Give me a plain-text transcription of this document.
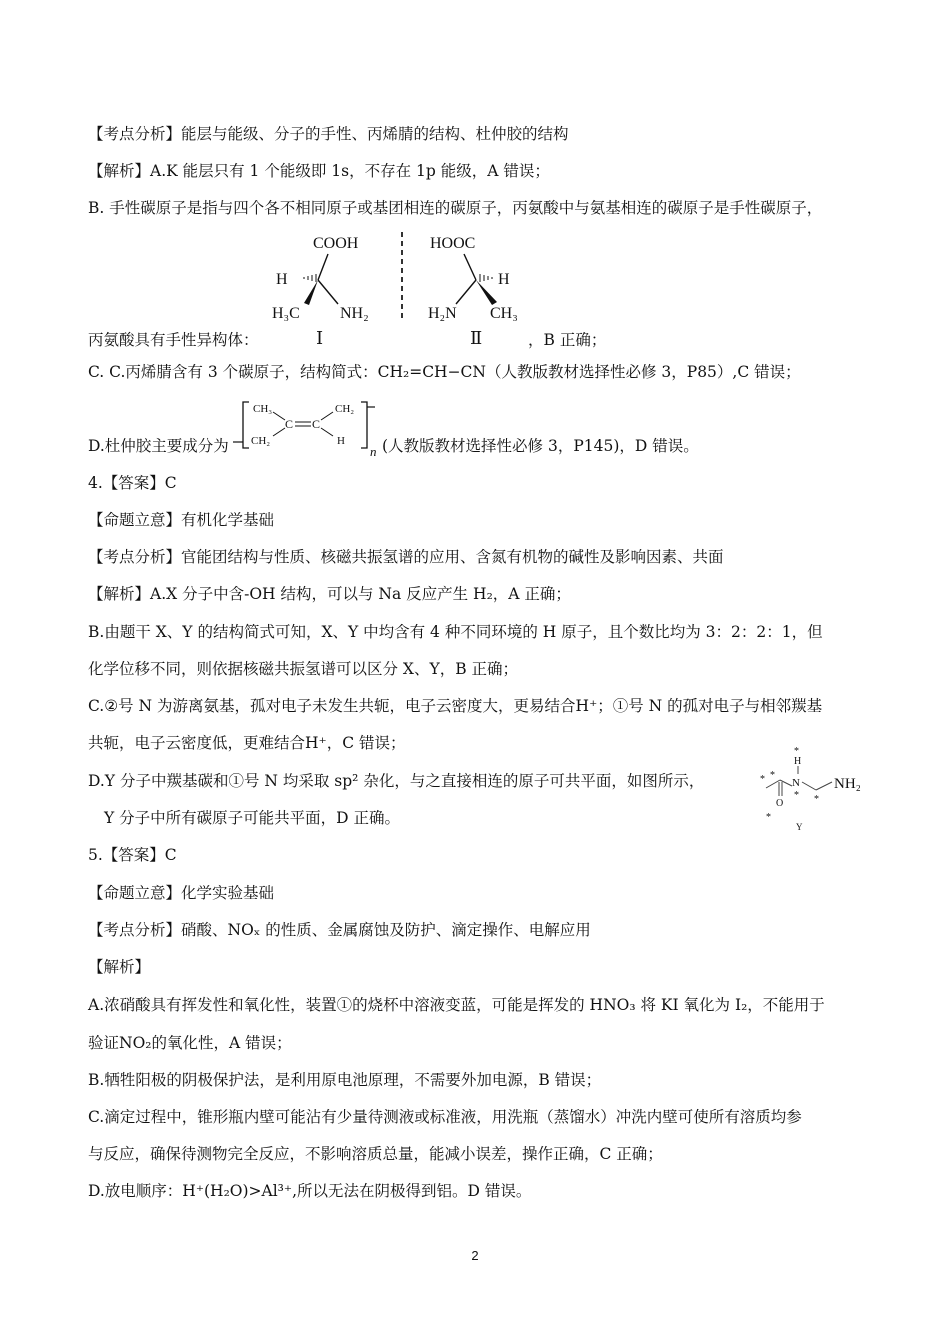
【考点分析】能层与能级、分子的手性、丙烯腈的结构、杜仲胶的结构
【解析】A.K 能层只有 1 个能级即 1s，不存在 1p 能级，A 错误；
B. 手性碳原子是指与四个各不相同原子或基团相连的碳原子，丙氨酸中与氨基相连的碳原子是手性碳原子，
COOH
H
H₃C	NH₂
Ⅰ
HOOC
H
H₂N CH₃
Ⅱ
丙氨酸具有手性异构体：	，B 正确；
C. C.丙烯腈含有 3 个碳原子，结构简式：CH₂=CH−CN（人教版教材选择性必修 3，P85）,C 错误；
D.杜仲胶主要成分为
CH₃
CH₂
C C
CH₂
H
n (人教版教材选择性必修 3，P145)，D 错误。
4.【答案】C
【命题立意】有机化学基础
【考点分析】官能团结构与性质、核磁共振氢谱的应用、含氮有机物的碱性及影响因素、共面
【解析】A.X 分子中含-OH 结构，可以与 Na 反应产生 H₂，A 正确；
B.由题干 X、Y 的结构简式可知，X、Y 中均含有 4 种不同环境的 H 原子，且个数比均为 3：2：2：1，但
化学位移不同，则依据核磁共振氢谱可以区分 X、Y，B 正确；
C.②号 N 为游离氨基，孤对电子未发生共轭，电子云密度大，更易结合H⁺；①号 N 的孤对电子与相邻羰基
共轭，电子云密度低，更难结合H⁺，C 错误；
D.Y 分子中羰基碳和①号 N 均采取 sp² 杂化，与之直接相连的原子可共平面，如图所示，
*
H
* *
N NH₂
* *
O
*
Y
Y 分子中所有碳原子可能共平面，D 正确。
5.【答案】C
【命题立意】化学实验基础
【考点分析】硝酸、NOₓ 的性质、金属腐蚀及防护、滴定操作、电解应用
【解析】
A.浓硝酸具有挥发性和氧化性，装置①的烧杯中溶液变蓝，可能是挥发的 HNO₃ 将 KI 氧化为 I₂，不能用于
验证NO₂的氧化性，A 错误；
B.牺牲阳极的阴极保护法，是利用原电池原理，不需要外加电源，B 错误；
C.滴定过程中，锥形瓶内壁可能沾有少量待测液或标准液，用洗瓶（蒸馏水）冲洗内壁可使所有溶质均参
与反应，确保待测物完全反应，不影响溶质总量，能减小误差，操作正确，C 正确；
D.放电顺序：H⁺(H₂O)>Al³⁺,所以无法在阴极得到铝。D 错误。
2
